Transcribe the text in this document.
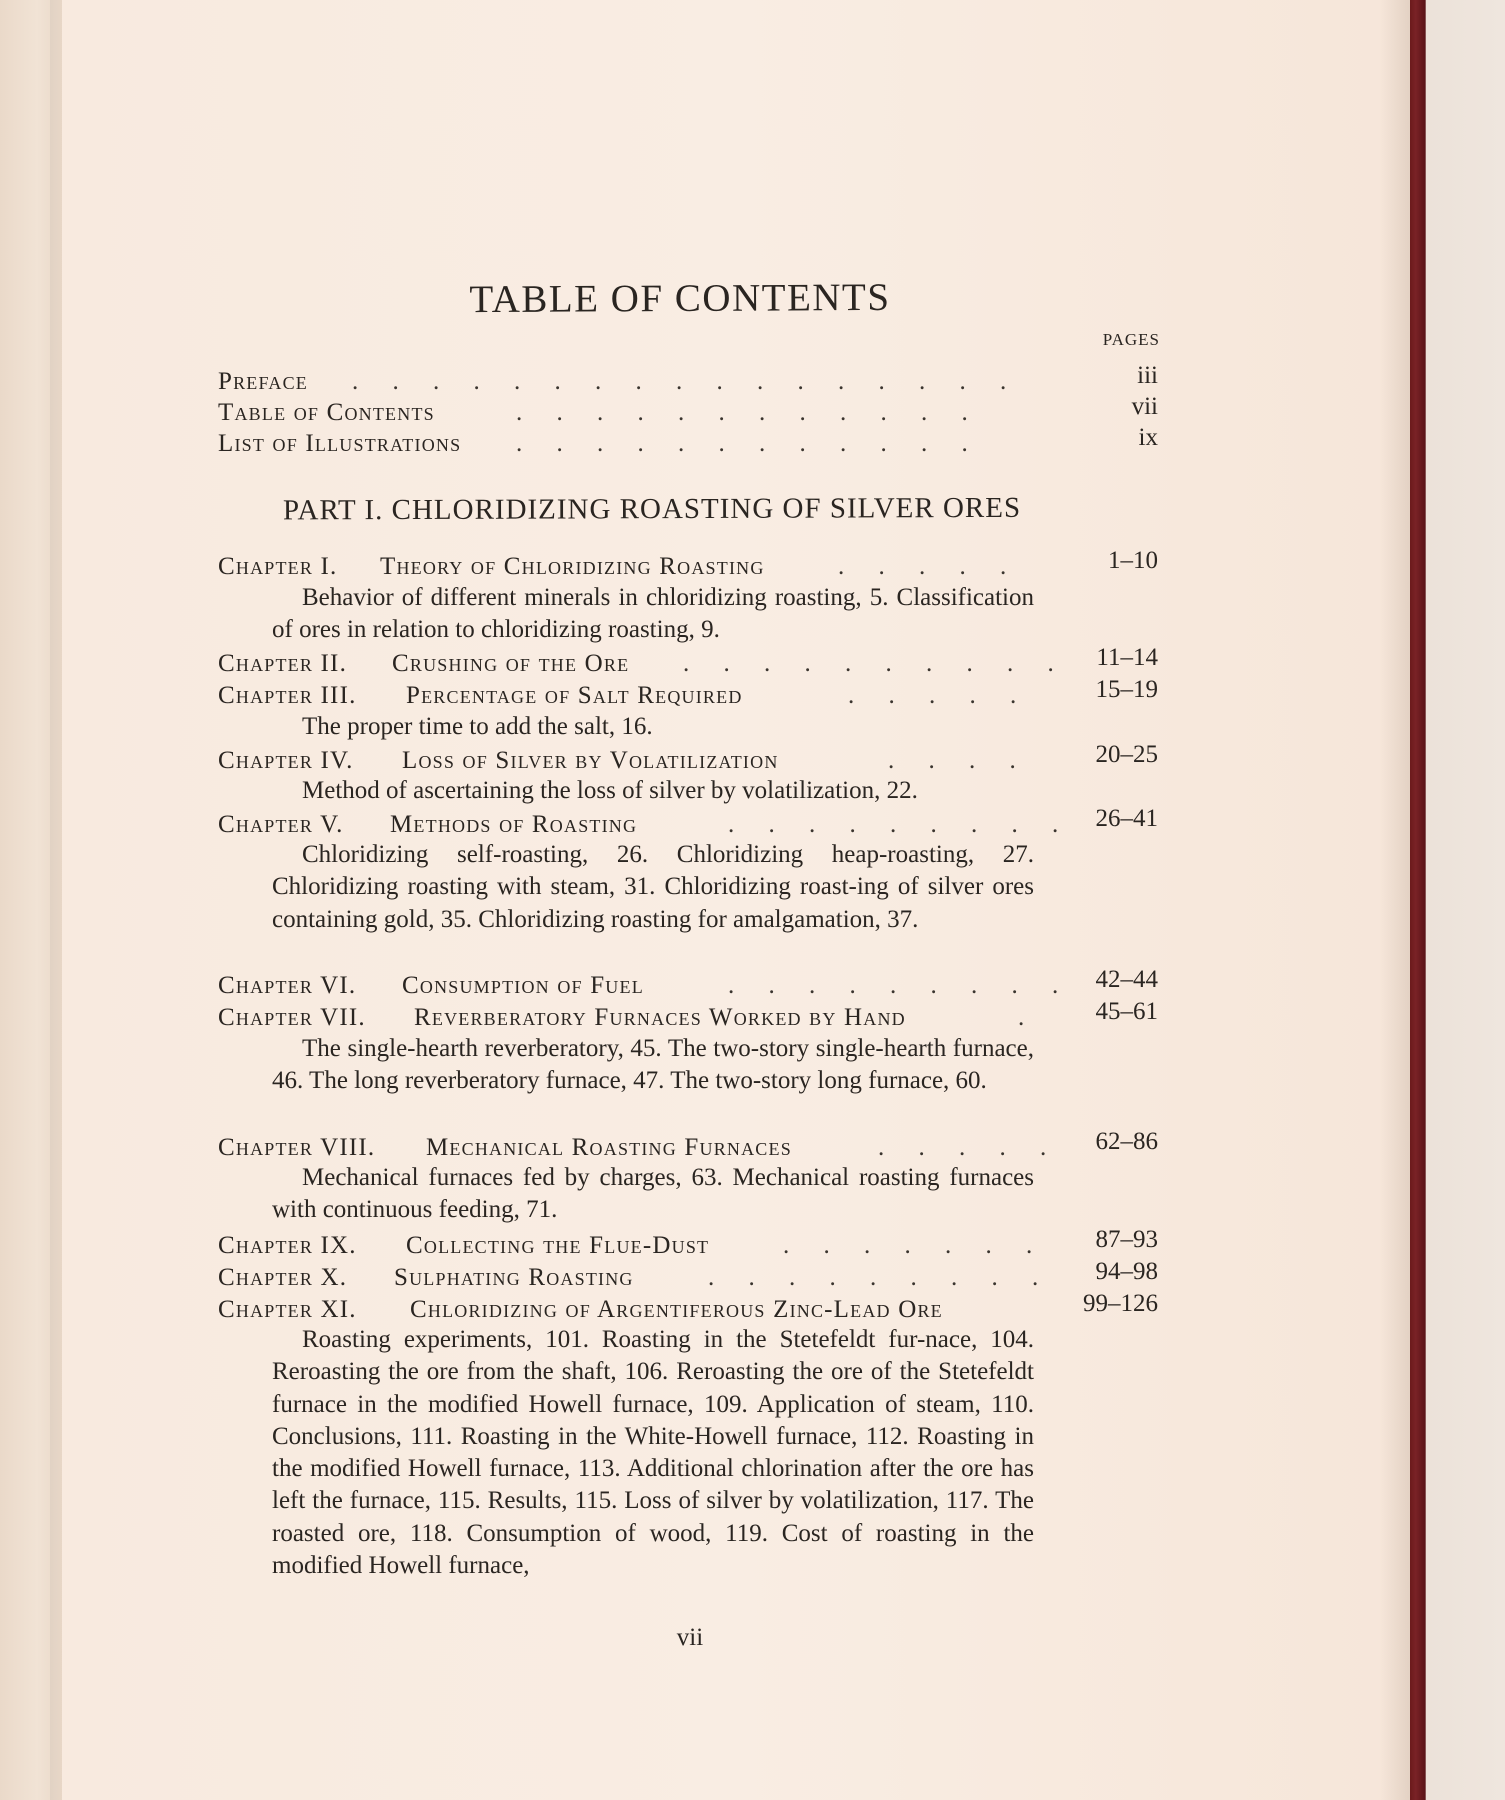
TABLE OF CONTENTS
PAGES
Preface . . . . . . . . . . . . . . . . .	iii
Table of Contents	. . . . . . . . . . . .	vii
List of Illustrations . . . . . . . . . . . .	ix
PART I. CHLORIDIZING ROASTING OF SILVER ORES
Chapter I. Theory of Chloridizing Roasting	. . . . .	1–10
Behavior of different minerals in chloridizing roasting, 5. Classification of ores in relation to chloridizing roasting, 9.
Chapter II. Crushing of the Ore . . . . . . . . . . 11–14
Chapter III. Percentage of Salt Required	. . . . .	15–19
The proper time to add the salt, 16.
Chapter IV. Loss of Silver by Volatilization	. . . .	20–25
Method of ascertaining the loss of silver by volatilization, 22.
Chapter V. Methods of Roasting	. . . . . . . . . 26–41
Chloridizing self-roasting, 26. Chloridizing heap-roasting, 27. Chloridizing roasting with steam, 31. Chloridizing roast-ing of silver ores containing gold, 35. Chloridizing roasting for amalgamation, 37.
Chapter VI. Consumption of Fuel	. . . . . . . . . 42–44
Chapter VII. Reverberatory Furnaces Worked by Hand	. 45–61
The single-hearth reverberatory, 45. The two-story single-hearth furnace, 46. The long reverberatory furnace, 47. The two-story long furnace, 60.
Chapter VIII. Mechanical Roasting Furnaces	. . . . . 62–86
Mechanical furnaces fed by charges, 63. Mechanical roasting furnaces with continuous feeding, 71.
Chapter IX. Collecting the Flue-Dust	. . . . . . . 87–93
Chapter X. Sulphating Roasting	. . . . . . . . . 94–98
Chapter XI. Chloridizing of Argentiferous Zinc-Lead Ore	99–126
Roasting experiments, 101. Roasting in the Stetefeldt fur-nace, 104. Reroasting the ore from the shaft, 106. Reroasting the ore of the Stetefeldt furnace in the modified Howell furnace, 109. Application of steam, 110. Conclusions, 111. Roasting in the White-Howell furnace, 112. Roasting in the modified Howell furnace, 113. Additional chlorination after the ore has left the furnace, 115. Results, 115. Loss of silver by volatilization, 117. The roasted ore, 118. Consumption of wood, 119. Cost of roasting in the modified Howell furnace,
vii
